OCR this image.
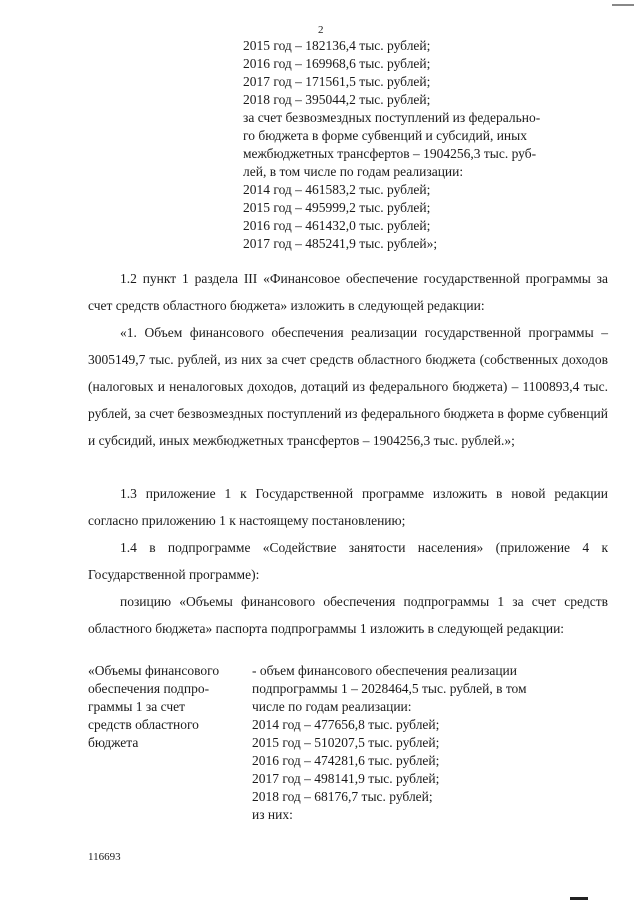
2
2015 год – 182136,4 тыс. рублей;
2016 год – 169968,6 тыс. рублей;
2017 год – 171561,5 тыс. рублей;
2018 год – 395044,2 тыс. рублей;
за счет безвозмездных поступлений из федерально-
го бюджета в форме субвенций и субсидий, иных
межбюджетных трансфертов – 1904256,3 тыс. руб-
лей, в том числе по годам реализации:
2014 год – 461583,2 тыс. рублей;
2015 год – 495999,2 тыс. рублей;
2016 год – 461432,0 тыс. рублей;
2017 год – 485241,9 тыс. рублей»;

1.2 пункт 1 раздела III «Финансовое обеспечение государственной программы за счет средств областного бюджета» изложить в следующей редакции:

«1. Объем финансового обеспечения реализации государственной программы – 3005149,7 тыс. рублей, из них за счет средств областного бюджета (собственных доходов (налоговых и неналоговых доходов, дотаций из федерального бюджета) – 1100893,4 тыс. рублей, за счет безвозмездных поступлений из федерального бюджета в форме субвенций и субсидий, иных межбюджетных трансфертов – 1904256,3 тыс. рублей.»;

1.3 приложение 1 к Государственной программе изложить в новой редакции согласно приложению 1 к настоящему постановлению;

1.4 в подпрограмме «Содействие занятости населения» (приложение 4 к Государственной программе):

позицию «Объемы финансового обеспечения подпрограммы 1 за счет средств областного бюджета» паспорта подпрограммы 1 изложить в следующей редакции:

«Объемы финансового
обеспечения подпро-
граммы 1 за счет
средств областного
бюджета
- объем финансового обеспечения реализации
подпрограммы 1 – 2028464,5 тыс. рублей, в том
числе по годам реализации:
2014 год – 477656,8 тыс. рублей;
2015 год – 510207,5 тыс. рублей;
2016 год – 474281,6 тыс. рублей;
2017 год – 498141,9 тыс. рублей;
2018 год – 68176,7 тыс. рублей;
из них:
116693
